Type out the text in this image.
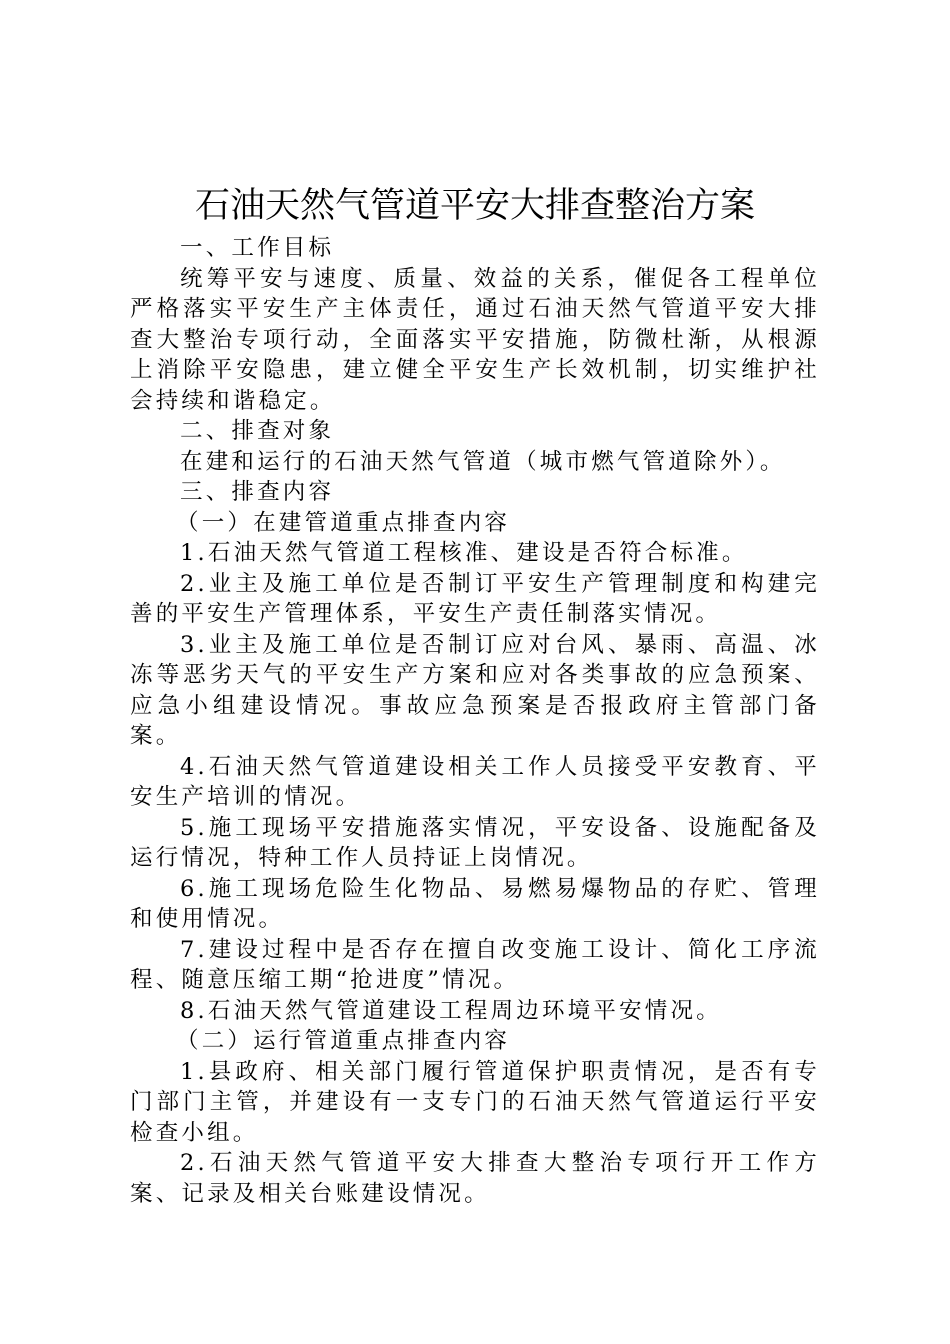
石油天然气管道平安大排查整治方案

一、工作目标

统筹平安与速度、质量、效益的关系，催促各工程单位严格落实平安生产主体责任，通过石油天然气管道平安大排查大整治专项行动，全面落实平安措施，防微杜渐，从根源上消除平安隐患，建立健全平安生产长效机制，切实维护社会持续和谐稳定。

二、排查对象

在建和运行的石油天然气管道（城市燃气管道除外）。

三、排查内容

（一）在建管道重点排查内容

1.石油天然气管道工程核准、建设是否符合标准。

2.业主及施工单位是否制订平安生产管理制度和构建完善的平安生产管理体系，平安生产责任制落实情况。

3.业主及施工单位是否制订应对台风、暴雨、高温、冰冻等恶劣天气的平安生产方案和应对各类事故的应急预案、应急小组建设情况。事故应急预案是否报政府主管部门备案。

4.石油天然气管道建设相关工作人员接受平安教育、平安生产培训的情况。

5.施工现场平安措施落实情况，平安设备、设施配备及运行情况，特种工作人员持证上岗情况。

6.施工现场危险生化物品、易燃易爆物品的存贮、管理和使用情况。

7.建设过程中是否存在擅自改变施工设计、简化工序流程、随意压缩工期“抢进度”情况。

8.石油天然气管道建设工程周边环境平安情况。

（二）运行管道重点排查内容

1.县政府、相关部门履行管道保护职责情况，是否有专门部门主管，并建设有一支专门的石油天然气管道运行平安检查小组。

2.石油天然气管道平安大排查大整治专项行开工作方案、记录及相关台账建设情况。
